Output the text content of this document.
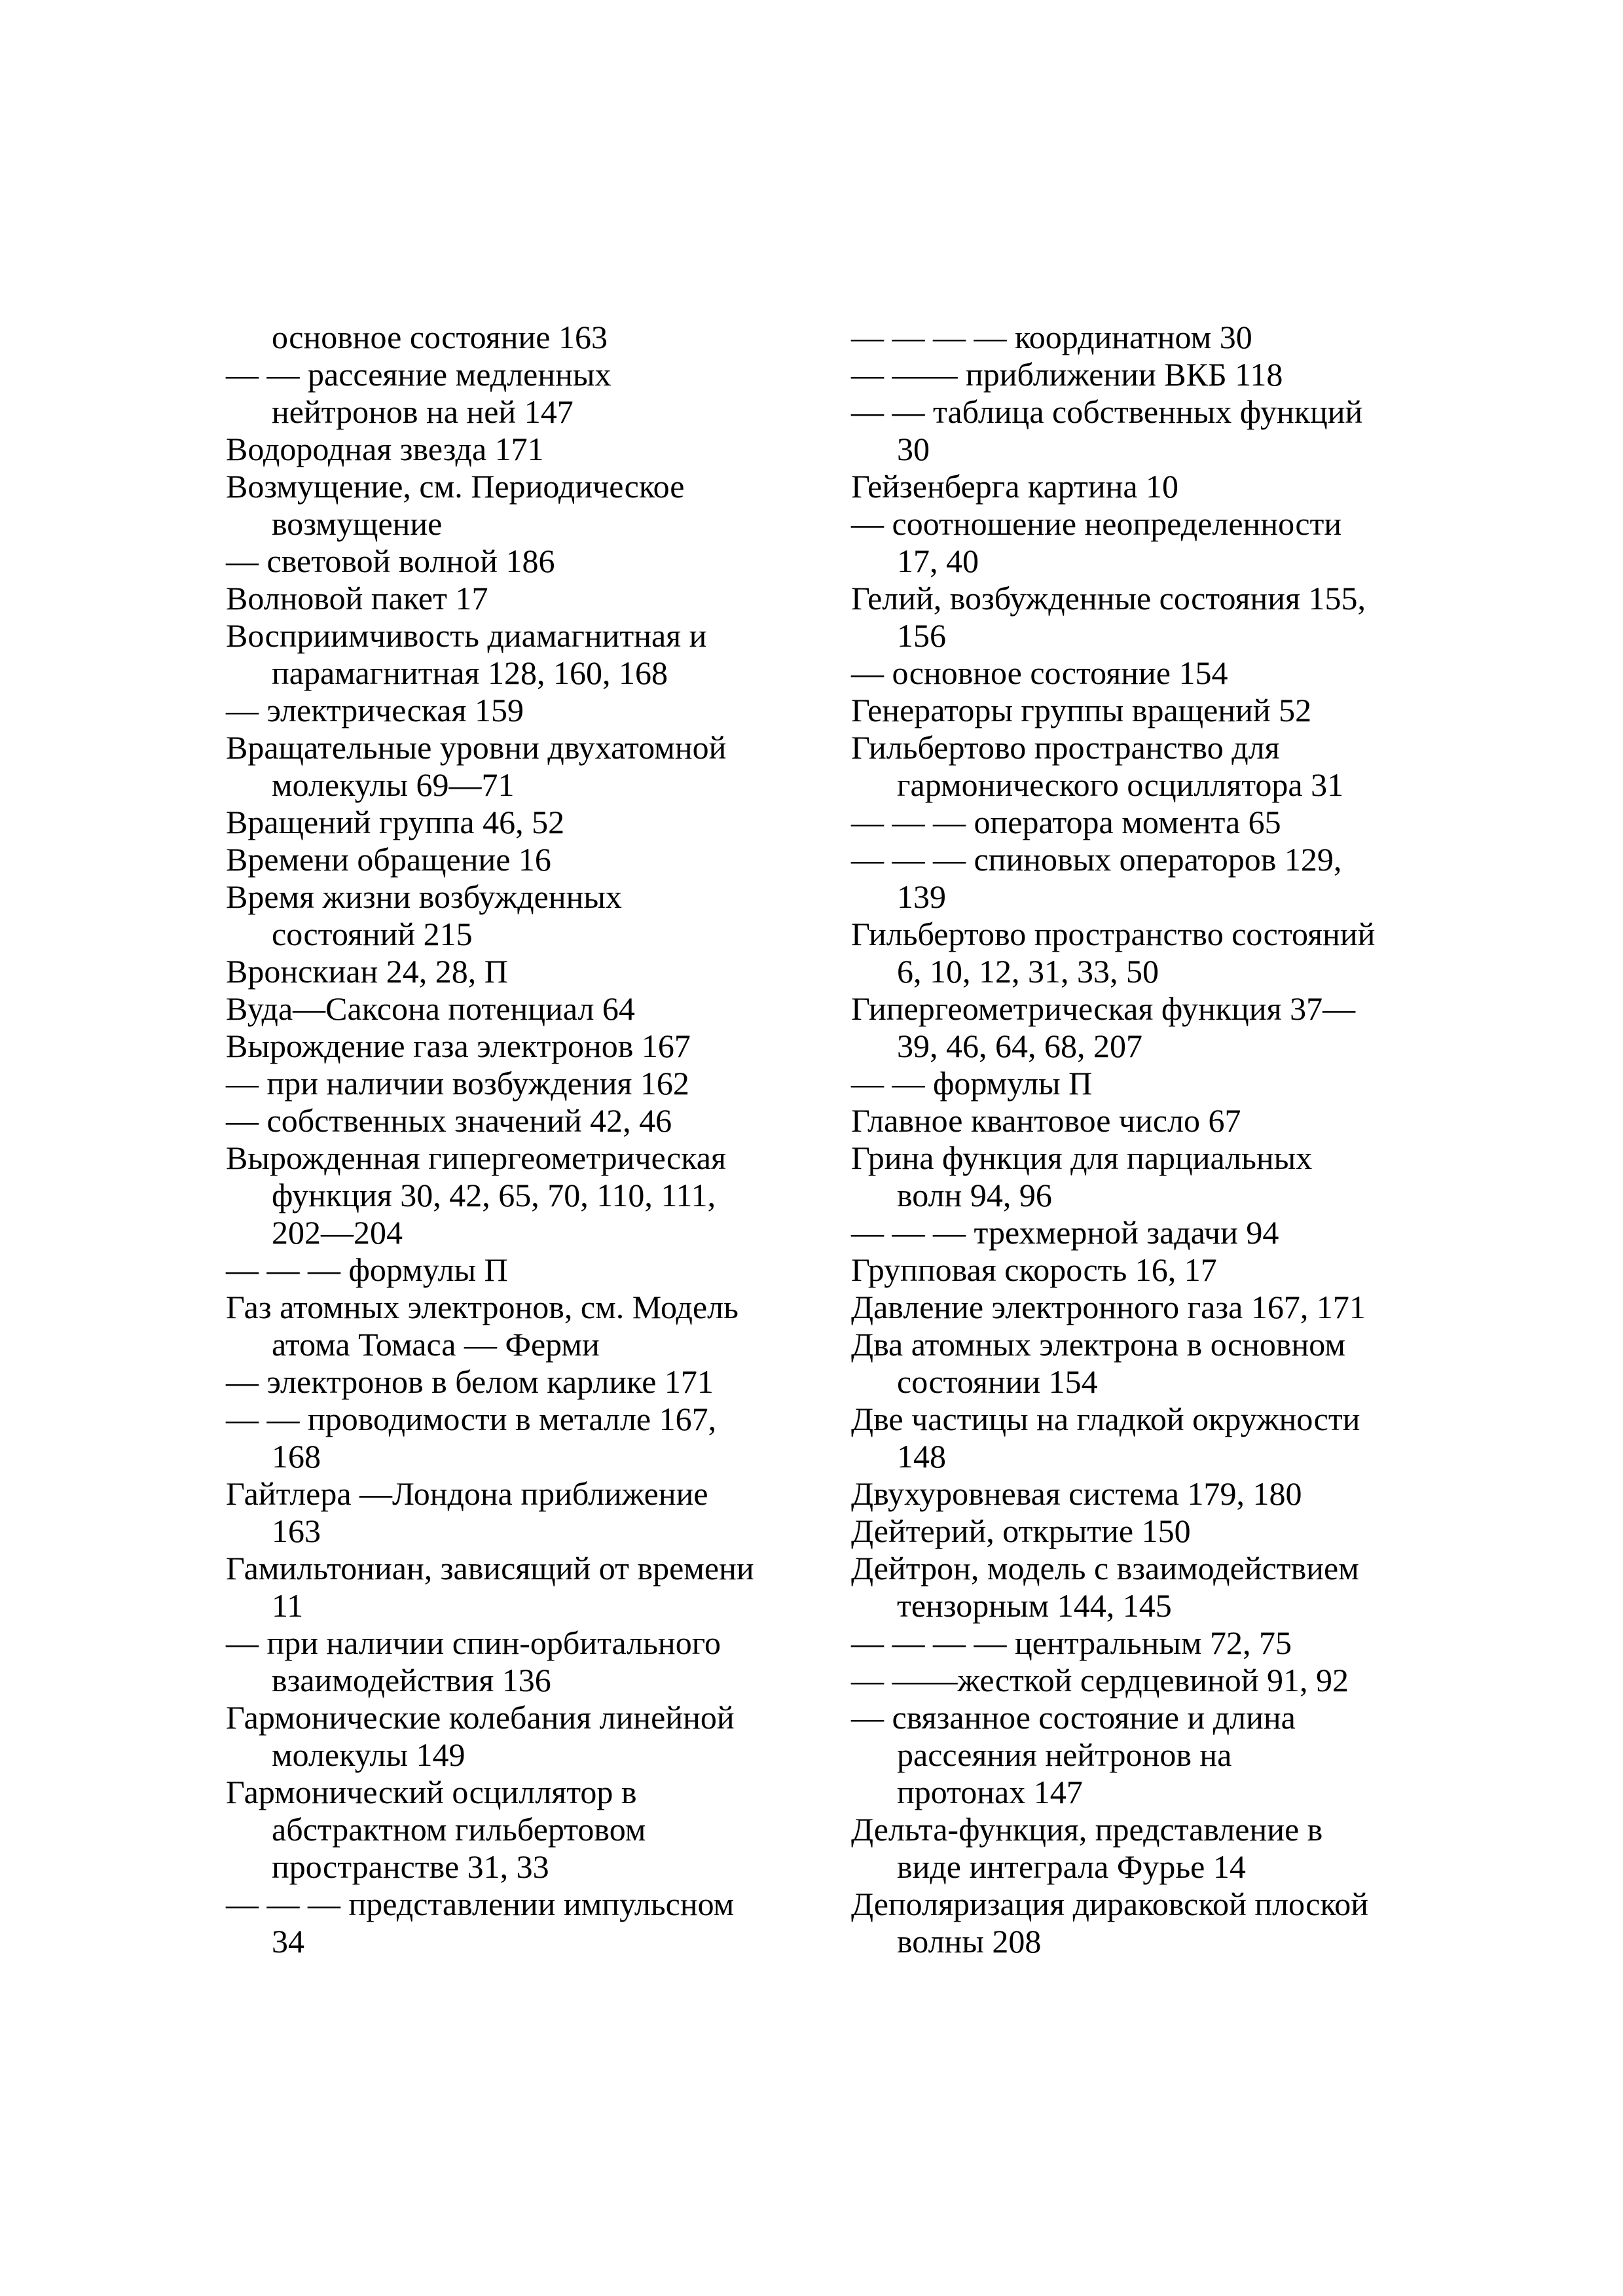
основное состояние 163
— — рассеяние медленных
нейтронов на ней 147
Водородная звезда 171
Возмущение, см. Периодическое
возмущение
— световой волной 186
Волновой пакет 17
Восприимчивость диамагнитная и
парамагнитная 128, 160, 168
— электрическая 159
Вращательные уровни двухатомной
молекулы 69—71
Вращений группа 46, 52
Времени обращение 16
Время жизни возбужденных
состояний 215
Вронскиан 24, 28, П
Вуда—Саксона потенциал 64
Вырождение газа электронов 167
— при наличии возбуждения 162
— собственных значений 42, 46
Вырожденная гипергеометрическая
функция 30, 42, 65, 70, 110, 111,
202—204
— — — формулы П
Газ атомных электронов, см. Модель
атома Томаса — Ферми
— электронов в белом карлике 171
— — проводимости в металле 167,
168
Гайтлера —Лондона приближение
163
Гамильтониан, зависящий от времени
11
— при наличии спин-орбитального
взаимодействия 136
Гармонические колебания линейной
молекулы 149
Гармонический осциллятор в
абстрактном гильбертовом
пространстве 31, 33
— — — представлении импульсном
34
— — — — координатном 30
— —— приближении ВКБ 118
— — таблица собственных функций
30
Гейзенберга картина 10
— соотношение неопределенности
17, 40
Гелий, возбужденные состояния 155,
156
— основное состояние 154
Генераторы группы вращений 52
Гильбертово пространство для
гармонического осциллятора 31
— — — оператора момента 65
— — — спиновых операторов 129,
139
Гильбертово пространство состояний
6, 10, 12, 31, 33, 50
Гипергеометрическая функция 37—
39, 46, 64, 68, 207
— — формулы П
Главное квантовое число 67
Грина функция для парциальных
волн 94, 96
— — — трехмерной задачи 94
Групповая скорость 16, 17
Давление электронного газа 167, 171
Два атомных электрона в основном
состоянии 154
Две частицы на гладкой окружности
148
Двухуровневая система 179, 180
Дейтерий, открытие 150
Дейтрон, модель с взаимодействием
тензорным 144, 145
— — — — центральным 72, 75
— ——жесткой сердцевиной 91, 92
— связанное состояние и длина
рассеяния нейтронов на
протонах 147
Дельта-функция, представление в
виде интеграла Фурье 14
Деполяризация дираковской плоской
волны 208
